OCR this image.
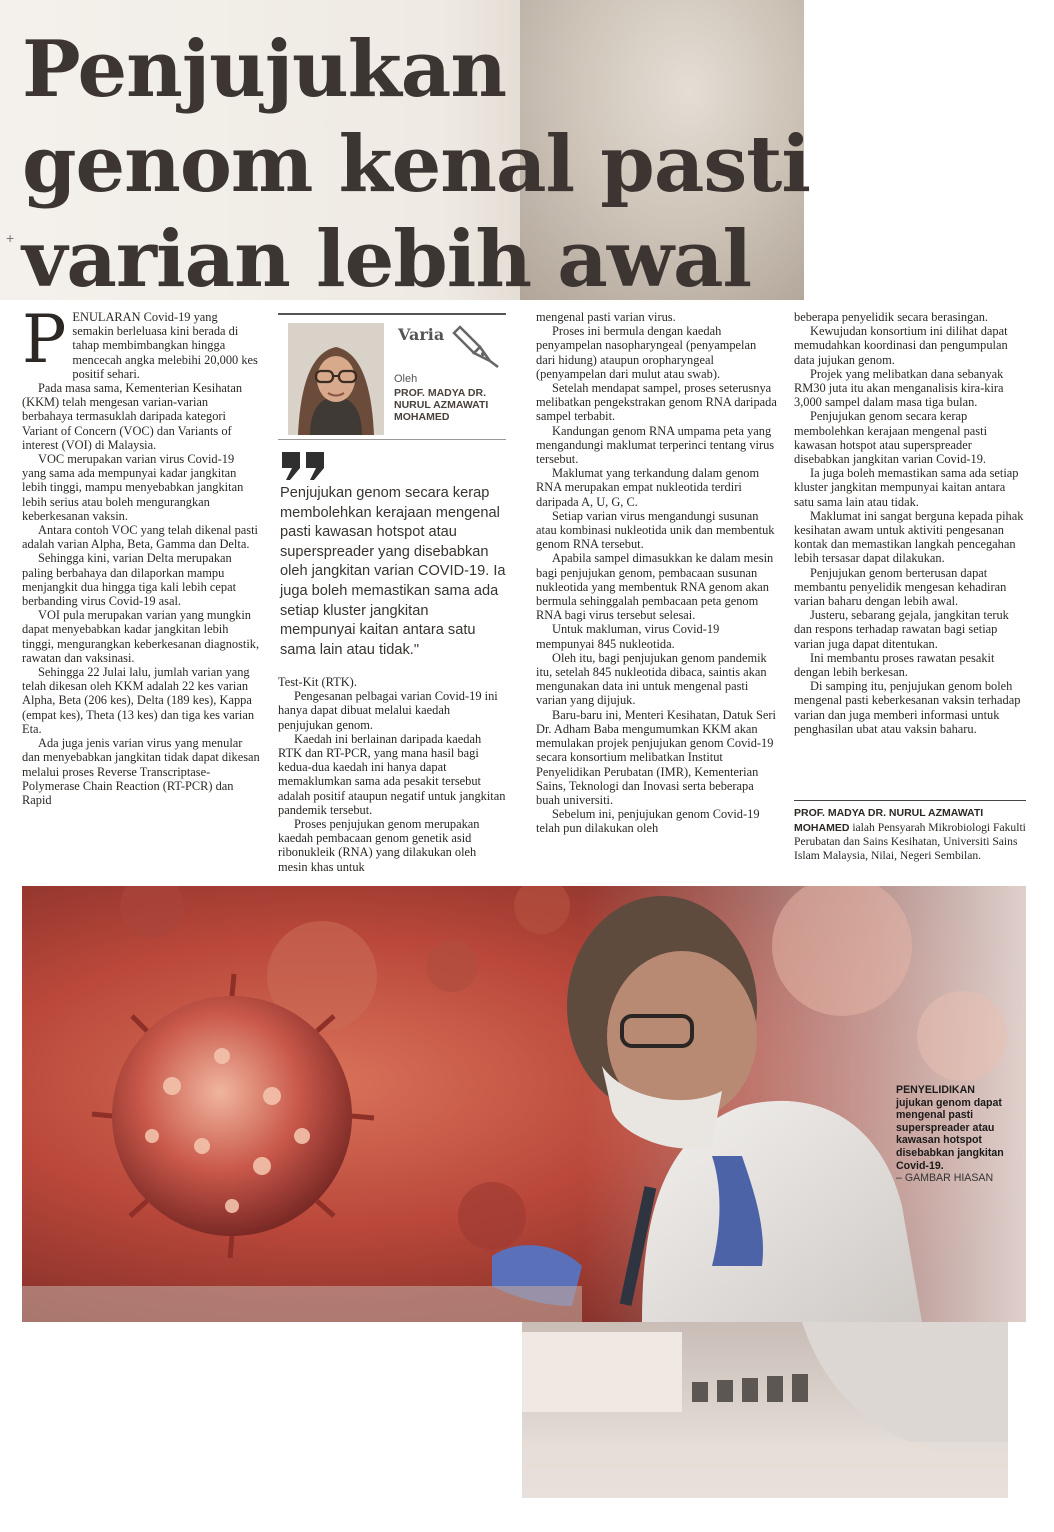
+
Penjujukan genom kenal pasti varian lebih awal
P ENULARAN Covid-19 yang semakin berleluasa kini berada di tahap membimbangkan hingga mencecah angka melebihi 20,000 kes positif sehari.

Pada masa sama, Kementerian Kesihatan (KKM) telah mengesan varian-varian berbahaya termasuklah daripada kategori Variant of Concern (VOC) dan Variants of interest (VOI) di Malaysia.

VOC merupakan varian virus Covid-19 yang sama ada mempunyai kadar jangkitan lebih tinggi, mampu menyebabkan jangkitan lebih serius atau boleh mengurangkan keberkesanan vaksin.

Antara contoh VOC yang telah dikenal pasti adalah varian Alpha, Beta, Gamma dan Delta.

Sehingga kini, varian Delta merupakan paling berbahaya dan dilaporkan mampu menjangkit dua hingga tiga kali lebih cepat berbanding virus Covid-19 asal.

VOI pula merupakan varian yang mungkin dapat menyebabkan kadar jangkitan lebih tinggi, mengurangkan keberkesanan diagnostik, rawatan dan vaksinasi.

Sehingga 22 Julai lalu, jumlah varian yang telah dikesan oleh KKM adalah 22 kes varian Alpha, Beta (206 kes), Delta (189 kes), Kappa (empat kes), Theta (13 kes) dan tiga kes varian Eta.

Ada juga jenis varian virus yang menular dan menyebabkan jangkitan tidak dapat dikesan melalui proses Reverse Transcriptase-Polymerase Chain Reaction (RT-PCR) dan Rapid

Varia
Oleh
PROF. MADYA DR. NURUL AZMAWATI MOHAMED

Penjujukan genom secara kerap membolehkan kerajaan mengenal pasti kawasan hotspot atau superspreader yang disebabkan oleh jangkitan varian COVID-19. Ia juga boleh memastikan sama ada setiap kluster jangkitan mempunyai kaitan antara satu sama lain atau tidak."

Test-Kit (RTK).

Pengesanan pelbagai varian Covid-19 ini hanya dapat dibuat melalui kaedah penjujukan genom.

Kaedah ini berlainan daripada kaedah RTK dan RT-PCR, yang mana hasil bagi kedua-dua kaedah ini hanya dapat memaklumkan sama ada pesakit tersebut adalah positif ataupun negatif untuk jangkitan pandemik tersebut.

Proses penjujukan genom merupakan kaedah pembacaan genom genetik asid ribonukleik (RNA) yang dilakukan oleh mesin khas untuk

mengenal pasti varian virus.

Proses ini bermula dengan kaedah penyampelan nasopharyngeal (penyampelan dari hidung) ataupun oropharyngeal (penyampelan dari mulut atau swab).

Setelah mendapat sampel, proses seterusnya melibatkan pengekstrakan genom RNA daripada sampel terbabit.

Kandungan genom RNA umpama peta yang mengandungi maklumat terperinci tentang virus tersebut.

Maklumat yang terkandung dalam genom RNA merupakan empat nukleotida terdiri daripada A, U, G, C.

Setiap varian virus mengandungi susunan atau kombinasi nukleotida unik dan membentuk genom RNA tersebut.

Apabila sampel dimasukkan ke dalam mesin bagi penjujukan genom, pembacaan susunan nukleotida yang membentuk RNA genom akan bermula sehinggalah pembacaan peta genom RNA bagi virus tersebut selesai.

Untuk makluman, virus Covid-19 mempunyai 845 nukleotida.

Oleh itu, bagi penjujukan genom pandemik itu, setelah 845 nukleotida dibaca, saintis akan mengunakan data ini untuk mengenal pasti varian yang dijujuk.

Baru-baru ini, Menteri Kesihatan, Datuk Seri Dr. Adham Baba mengumumkan KKM akan memulakan projek penjujukan genom Covid-19 secara konsortium melibatkan Institut Penyelidikan Perubatan (IMR), Kementerian Sains, Teknologi dan Inovasi serta beberapa buah universiti.

Sebelum ini, penjujukan genom Covid-19 telah pun dilakukan oleh

beberapa penyelidik secara berasingan.

Kewujudan konsortium ini dilihat dapat memudahkan koordinasi dan pengumpulan data jujukan genom.

Projek yang melibatkan dana sebanyak RM30 juta itu akan menganalisis kira-kira 3,000 sampel dalam masa tiga bulan.

Penjujukan genom secara kerap membolehkan kerajaan mengenal pasti kawasan hotspot atau superspreader disebabkan jangkitan varian Covid-19.

Ia juga boleh memastikan sama ada setiap kluster jangkitan mempunyai kaitan antara satu sama lain atau tidak.

Maklumat ini sangat berguna kepada pihak kesihatan awam untuk aktiviti pengesanan kontak dan memastikan langkah pencegahan lebih tersasar dapat dilakukan.

Penjujukan genom berterusan dapat membantu penyelidik mengesan kehadiran varian baharu dengan lebih awal.

Justeru, sebarang gejala, jangkitan teruk dan respons terhadap rawatan bagi setiap varian juga dapat ditentukan.

Ini membantu proses rawatan pesakit dengan lebih berkesan.

Di samping itu, penjujukan genom boleh mengenal pasti keberkesanan vaksin terhadap varian dan juga memberi informasi untuk penghasilan ubat atau vaksin baharu.

PROF. MADYA DR. NURUL AZMAWATI MOHAMED ialah Pensyarah Mikrobiologi Fakulti Perubatan dan Sains Kesihatan, Universiti Sains Islam Malaysia, Nilai, Negeri Sembilan.

PENYELIDIKAN jujukan genom dapat mengenal pasti superspreader atau kawasan hotspot disebabkan jangkitan Covid-19.
– GAMBAR HIASAN
